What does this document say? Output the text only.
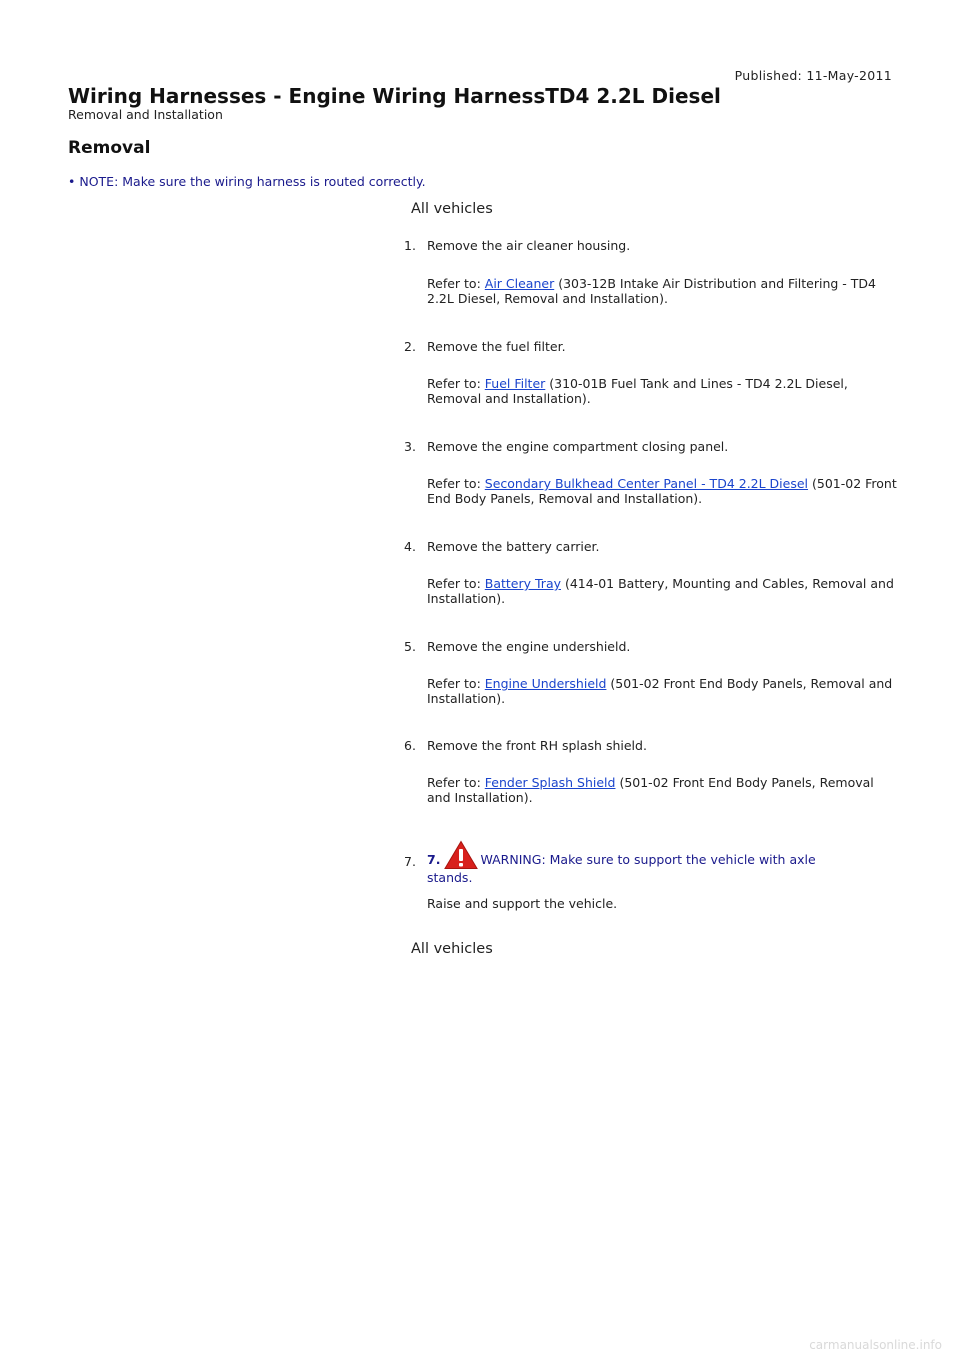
Published: 11-May-2011
Wiring Harnesses - Engine Wiring HarnessTD4 2.2L Diesel
Removal and Installation
Removal
• NOTE: Make sure the wiring harness is routed correctly.
All vehicles
1. Remove the air cleaner housing.
Refer to: Air Cleaner (303-12B Intake Air Distribution and Filtering - TD4 2.2L Diesel, Removal and Installation).
2. Remove the fuel filter.
Refer to: Fuel Filter (310-01B Fuel Tank and Lines - TD4 2.2L Diesel, Removal and Installation).
3. Remove the engine compartment closing panel.
Refer to: Secondary Bulkhead Center Panel - TD4 2.2L Diesel (501-02 Front End Body Panels, Removal and Installation).
4. Remove the battery carrier.
Refer to: Battery Tray (414-01 Battery, Mounting and Cables, Removal and Installation).
5. Remove the engine undershield.
Refer to: Engine Undershield (501-02 Front End Body Panels, Removal and Installation).
6. Remove the front RH splash shield.
Refer to: Fender Splash Shield (501-02 Front End Body Panels, Removal and Installation).
7. 7.	WARNING: Make sure to support the vehicle with axle stands.
Raise and support the vehicle.
All vehicles
carmanualsonline.info
